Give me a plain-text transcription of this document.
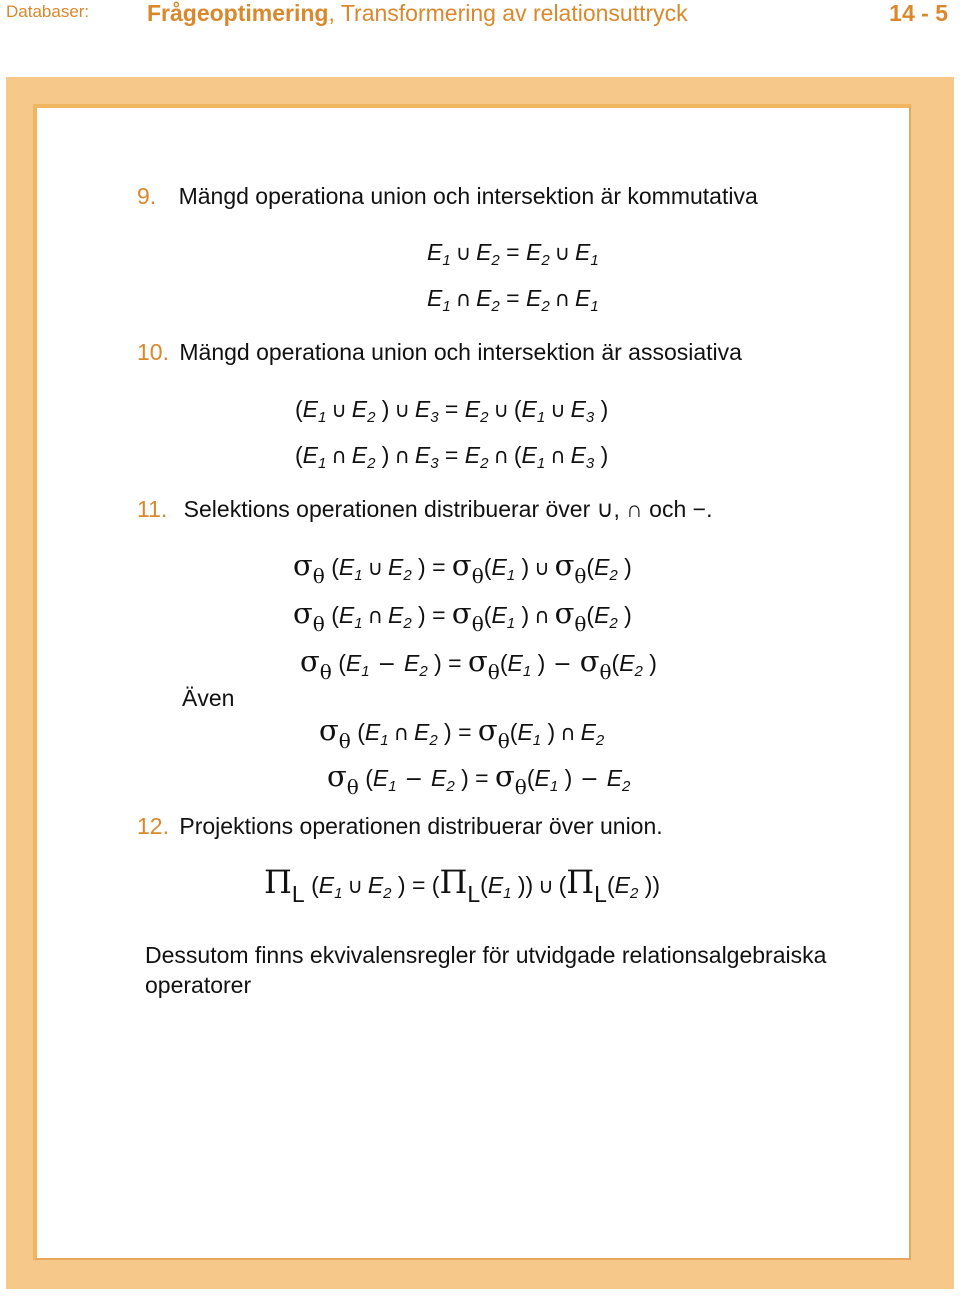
Databaser:	Frågeoptimering, Transformering av relationsuttryck	14 - 5
9. Mängd operationa union och intersektion är kommutativa
$E_1$ ∪ $E_2 = E_2$ ∪ $E_1$
$E_1$ ∩ $E_2 = E_2$ ∩ $E_1$
10. Mängd operationa union och intersektion är assosiativa
($E_1$ ∪ $E_2$ ) ∪ $E_3 = E_2$ ∪ ($E_1$ ∪ $E_3$ )
($E_1$ ∩ $E_2$ ) ∩ $E_3 = E_2$ ∩ ($E_1$ ∩ $E_3$ )
11. Selektions operationen distribuerar över ∪, ∩ och −.
σθ ($E_1$ ∪ $E_2$ ) = $\sigma\theta(E_1$ ) ∪ $\sigma\theta(E_2$ )
σθ ($E_1$ ∩ $E_2$ ) = $\sigma\theta(E_1$ ) ∩ $\sigma\theta(E_2$ )
σθ ($E_1 - E_2$ ) = $\sigma\theta(E_1$ ) − $\sigma\theta(E_2$ )
Även
σθ ($E_1$ ∩ $E_2$ ) = $\sigma\theta(E_1$ ) ∩ $E_2$
σθ ($E_1 - E_2$ ) = $\sigma\theta(E_1$ ) − $E_2$
12. Projektions operationen distribuerar över union.
ΠL ($E_1$ ∪ $E_2$ ) = ($\Pi L(E_1$ )) ∪ ($\Pi L(E_2$ ))
Dessutom finns ekvivalensregler för utvidgade relationsalgebraiska operatorer
